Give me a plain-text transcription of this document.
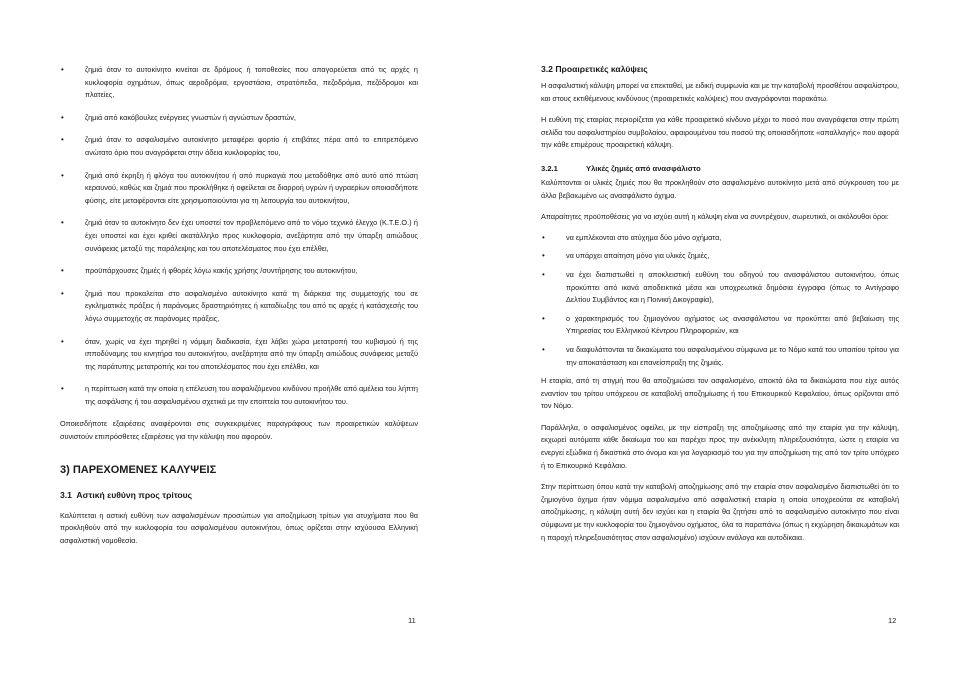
• ζημιά όταν το αυτοκίνητο κινείται σε δρόμους ή τοποθεσίες που απαγορεύεται από τις αρχές η κυκλοφορία οχημάτων, όπως αεροδρόμια, εργοστάσια, στρατόπεδα, πεζοδρόμια, πεζόδρομοι και πλατείες,
• ζημιά από κακόβουλες ενέργειες γνωστών ή αγνώστων δραστών,
• ζημιά όταν το ασφαλισμένο αυτοκίνητο μεταφέρει φορτίο ή επιβάτες πέρα από το επιτρεπόμενο ανώτατο όριο που αναγράφεται στην άδεια κυκλοφορίας του,
• ζημιά από έκρηξη ή φλόγα του αυτοκινήτου ή από πυρκαγιά που μεταδόθηκε από αυτό από πτώση κεραυνού, καθώς και ζημιά που προκλήθηκε ή οφείλεται σε διαρροή υγρών ή υγραερίων οποιασδήποτε φύσης, είτε μεταφέρονται είτε χρησιμοποιούνται για τη λειτουργία του αυτοκινήτου,
• ζημιά όταν το αυτοκίνητο δεν έχει υποστεί τον προβλεπόμενο από το νόμο τεχνικό έλεγχο (Κ.Τ.Ε.Ο.) ή έχει υποστεί και έχει κριθεί ακατάλληλο προς κυκλοφορία, ανεξάρτητα από την ύπαρξη αιτιώδους συνάφειας μεταξύ της παράλειψης και του αποτελέσματος που έχει επέλθει,
• προϋπάρχουσες ζημιές ή φθορές λόγω κακής χρήσης /συντήρησης του αυτοκινήτου,
• ζημιά που προκαλείται στο ασφαλισμένο αυτοκίνητο κατά τη διάρκεια της συμμετοχής του σε εγκληματικές πράξεις ή παράνομες δραστηριότητες ή καταδίωξης του από τις αρχές ή κατάσχεσής του λόγω συμμετοχής σε παράνομες πράξεις,
• όταν, χωρίς να έχει τηρηθεί η νόμιμη διαδικασία, έχει λάβει χώρα μετατροπή του κυβισμού ή της ιπποδύναμης του κινητήρα του αυτοκινήτου, ανεξάρτητα από την ύπαρξη αιτιώδους συνάφειας μεταξύ της παράτυπης μετατροπής και του αποτελέσματος που έχει επέλθει, και
• η περίπτωση κατά την οποία η επέλευση του ασφαλιζόμενου κινδύνου προήλθε από αμέλεια του λήπτη της ασφάλισης ή του ασφαλισμένου σχετικά με την εποπτεία του αυτοκινήτου του.

Οποιεσδήποτε εξαιρέσεις αναφέρονται στις συγκεκριμένες παραγράφους των προαιρετικών καλύψεων συνιστούν επιπρόσθετες εξαιρέσεις για την κάλυψη που αφορούν.

3) ΠΑΡΕΧΟΜΕΝΕΣ ΚΑΛΥΨΕΙΣ
3.1  Αστική ευθύνη προς τρίτους

Καλύπτεται η αστική ευθύνη των ασφαλισμένων προσώπων για αποζημίωση τρίτων για ατυχήματα που θα προκληθούν από την κυκλοφορία του ασφαλισμένου αυτοκινήτου, όπως ορίζεται στην ισχύουσα Ελληνική ασφαλιστική νομοθεσία.

11
3.2 Προαιρετικές καλύψεις

Η ασφαλιστική κάλυψη μπορεί να επεκταθεί, με ειδική συμφωνία και με την καταβολή προσθέτου ασφαλίστρου, και στους εκτιθέμενους κινδύνους (προαιρετικές καλύψεις) που αναγράφονται παρακάτω.

Η ευθύνη της εταιρίας περιορίζεται για κάθε προαιρετικό κίνδυνο μέχρι το ποσό που αναγράφεται στην πρώτη σελίδα του ασφαλιστηρίου συμβολαίου, αφαιρουμένου του ποσού της οποιασδήποτε «απαλλαγής» που αφορά την κάθε επιμέρους προαιρετική κάλυψη.

3.2.1	Υλικές ζημιές από ανασφάλιστο

Καλύπτονται οι υλικές ζημιές που θα προκληθούν στο ασφαλισμένο αυτοκίνητο μετά από σύγκρουση του με άλλο βεβαιωμένο ως ανασφάλιστο όχημα.

Απαραίτητες προϋποθέσεις για να ισχύει αυτή η κάλυψη είναι να συντρέχουν, σωρευτικά, οι ακόλουθοι όροι:

• να εμπλέκονται στο ατύχημα δύο μόνο οχήματα,
• να υπάρχει απαίτηση μόνο για υλικές ζημιές,
• να έχει διαπιστωθεί η αποκλειστική ευθύνη του οδηγού του ανασφάλιστου αυτοκινήτου, όπως προκύπτει από ικανά αποδεικτικά μέσα και υποχρεωτικά δημόσια έγγραφα (όπως το Αντίγραφο Δελτίου Συμβάντος και η Ποινική Δικογραφία),
• ο χαρακτηρισμός του ζημιογόνου οχήματος ως ανασφάλιστου να προκύπτει από βεβαίωση της Υπηρεσίας του Ελληνικού Κέντρου Πληροφοριών, και
• να διαφυλάττονται τα δικαιώματα του ασφαλισμένου σύμφωνα με το Νόμο κατά του υπαιτίου τρίτου για την αποκατάσταση και επανείσπραξη της ζημιάς.

Η εταιρία, από τη στιγμή που θα αποζημιώσει τον ασφαλισμένο, αποκτά όλα τα δικαιώματα που είχε αυτός εναντίον του τρίτου υπόχρεου σε καταβολή αποζημίωσης ή του Επικουρικού Κεφαλαίου, όπως ορίζονται από τον Νόμο.

Παράλληλα, ο ασφαλισμένος οφείλει, με την είσπραξη της αποζημίωσης από την εταιρία για την κάλυψη, εκχωρεί αυτόματα κάθε δικαίωμα του και παρέχει προς την ανέκκλητη πληρεξουσιότητα, ώστε η εταιρία να ενεργεί εξώδικα ή δικαστικά στο όνομα και για λογαριασμό του για την αποζημίωση της από τον τρίτο υπόχρεο ή το Επικουρικό Κεφάλαιο.

Στην περίπτωση όπου κατά την καταβολή αποζημίωσης από την εταιρία στον ασφαλισμένο διαπιστωθεί ότι το ζημιογόνο όχημα ήταν νόμιμα ασφαλισμένο από ασφαλιστική εταιρία η οποία υποχρεούται σε καταβολή αποζημίωσης, η κάλυψη αυτή δεν ισχύει και η εταιρία θα ζητήσει από το ασφαλισμένο αυτοκίνητο που είναι σύμφωνα με την κυκλοφορία του ζημιογόνου οχήματος, όλα τα παραπάνω (όπως η εκχώρηση δικαιωμάτων και η παροχή πληρεξουσιότητας στον ασφαλισμένο) ισχύουν ανάλογα και αυτοδίκαια.

12
